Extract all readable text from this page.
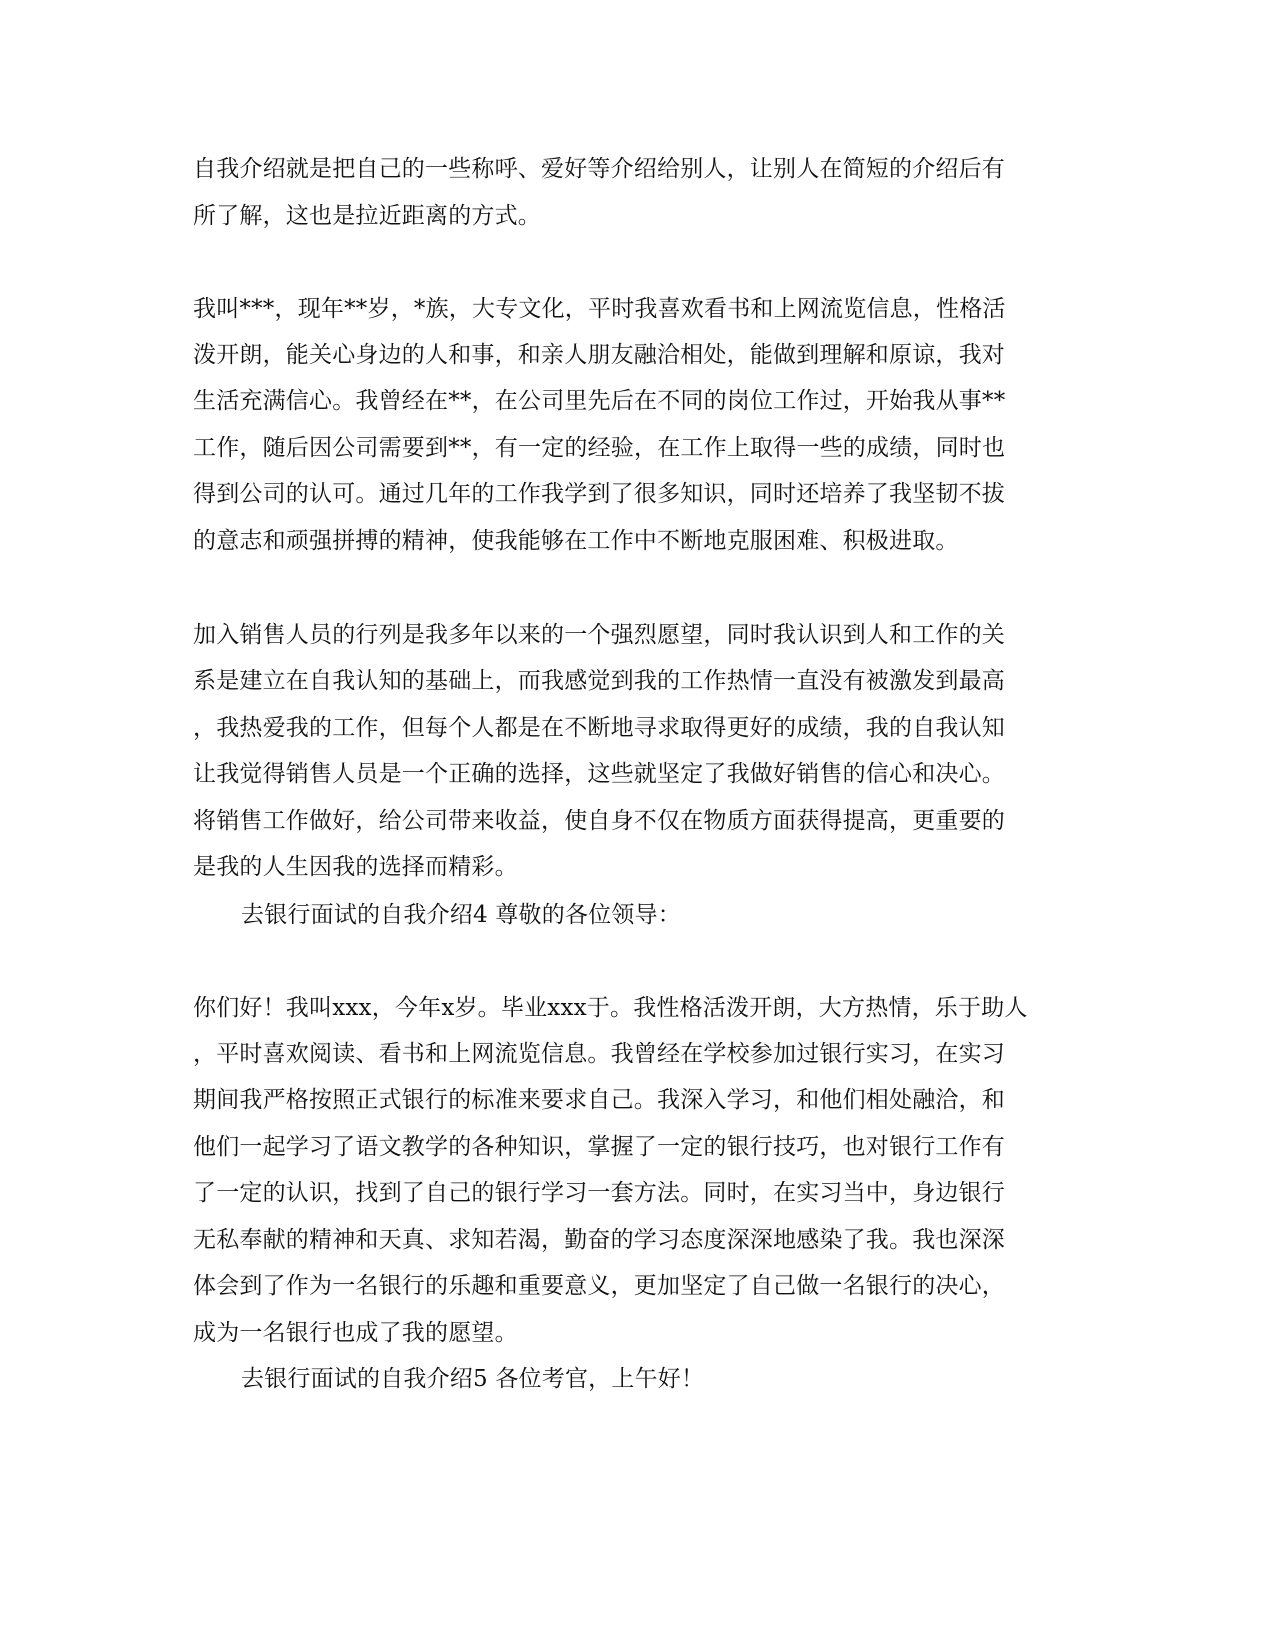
自我介绍就是把自己的一些称呼、爱好等介绍给别人，让别人在简短的介绍后有
所了解，这也是拉近距离的方式。
我叫***，现年**岁，*族，大专文化，平时我喜欢看书和上网流览信息，性格活
泼开朗，能关心身边的人和事，和亲人朋友融洽相处，能做到理解和原谅，我对
生活充满信心。我曾经在**，在公司里先后在不同的岗位工作过，开始我从事**
工作，随后因公司需要到**，有一定的经验，在工作上取得一些的成绩，同时也
得到公司的认可。通过几年的工作我学到了很多知识，同时还培养了我坚韧不拔
的意志和顽强拼搏的精神，使我能够在工作中不断地克服困难、积极进取。
加入销售人员的行列是我多年以来的一个强烈愿望，同时我认识到人和工作的关
系是建立在自我认知的基础上，而我感觉到我的工作热情一直没有被激发到最高
，我热爱我的工作，但每个人都是在不断地寻求取得更好的成绩，我的自我认知
让我觉得销售人员是一个正确的选择，这些就坚定了我做好销售的信心和决心。
将销售工作做好，给公司带来收益，使自身不仅在物质方面获得提高，更重要的
是我的人生因我的选择而精彩。
去银行面试的自我介绍4 尊敬的各位领导：
你们好！我叫xxx，今年x岁。毕业xxx于。我性格活泼开朗，大方热情，乐于助人
，平时喜欢阅读、看书和上网流览信息。我曾经在学校参加过银行实习，在实习
期间我严格按照正式银行的标准来要求自己。我深入学习，和他们相处融洽，和
他们一起学习了语文教学的各种知识，掌握了一定的银行技巧，也对银行工作有
了一定的认识，找到了自己的银行学习一套方法。同时，在实习当中，身边银行
无私奉献的精神和天真、求知若渴，勤奋的学习态度深深地感染了我。我也深深
体会到了作为一名银行的乐趣和重要意义，更加坚定了自己做一名银行的决心，
成为一名银行也成了我的愿望。
去银行面试的自我介绍5 各位考官，上午好！
